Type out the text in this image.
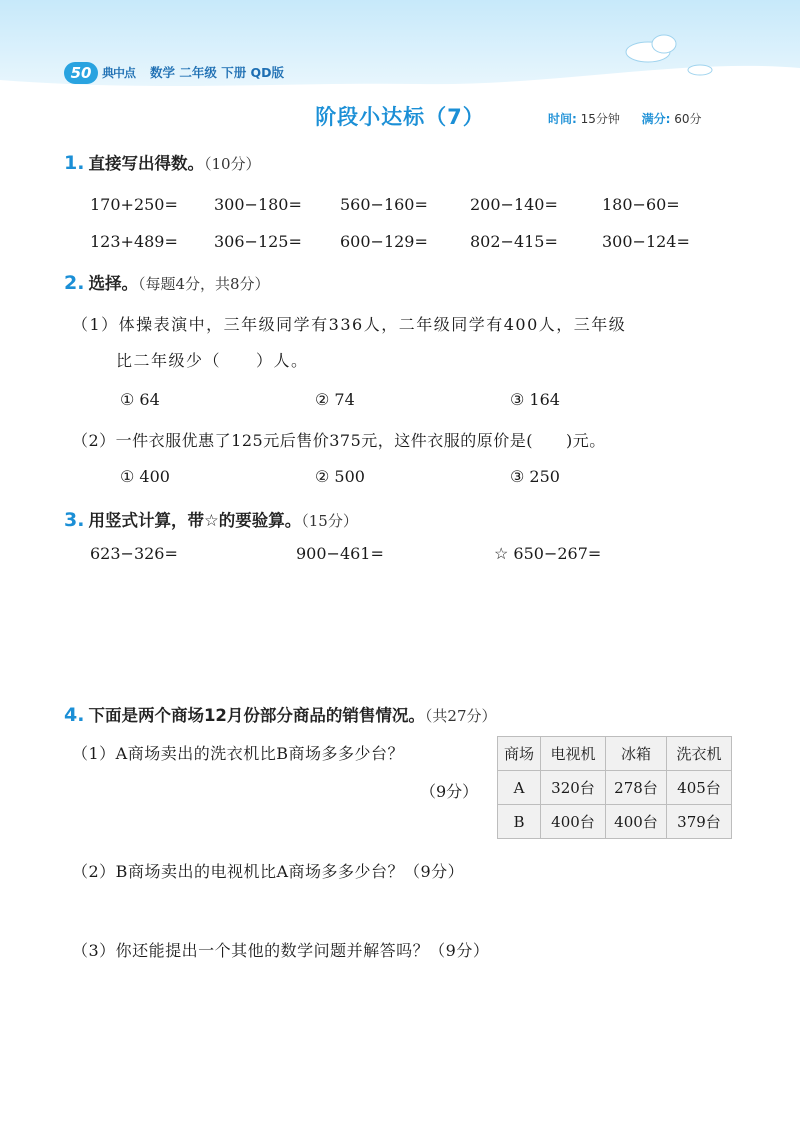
50 典中点 数学 二年级 下册 QD版
阶段小达标（7）	时间: 15分钟 满分: 60分
1. 直接写出得数。（10分）
170+250= 300−180= 560−160=	200−140=	180−60=
123+489= 306−125= 600−129=	802−415=	300−124=
2. 选择。（每题4分，共8分）
（1）体操表演中，三年级同学有336人，二年级同学有400人，三年级
比二年级少（　　）人。
① 64	② 74	③ 164
（2）一件衣服优惠了125元后售价375元，这件衣服的原价是(　　)元。
① 400	② 500	③ 250
3. 用竖式计算，带☆的要验算。（15分）
623−326=	900−461=	☆ 650−267=
4. 下面是两个商场12月份部分商品的销售情况。（共27分）
（1）A商场卖出的洗衣机比B商场多多少台？
（9分）
商场	电视机	冰箱	洗衣机
A	320台	278台	405台
B	400台	400台	379台
（2）B商场卖出的电视机比A商场多多少台？（9分）
（3）你还能提出一个其他的数学问题并解答吗？（9分）
